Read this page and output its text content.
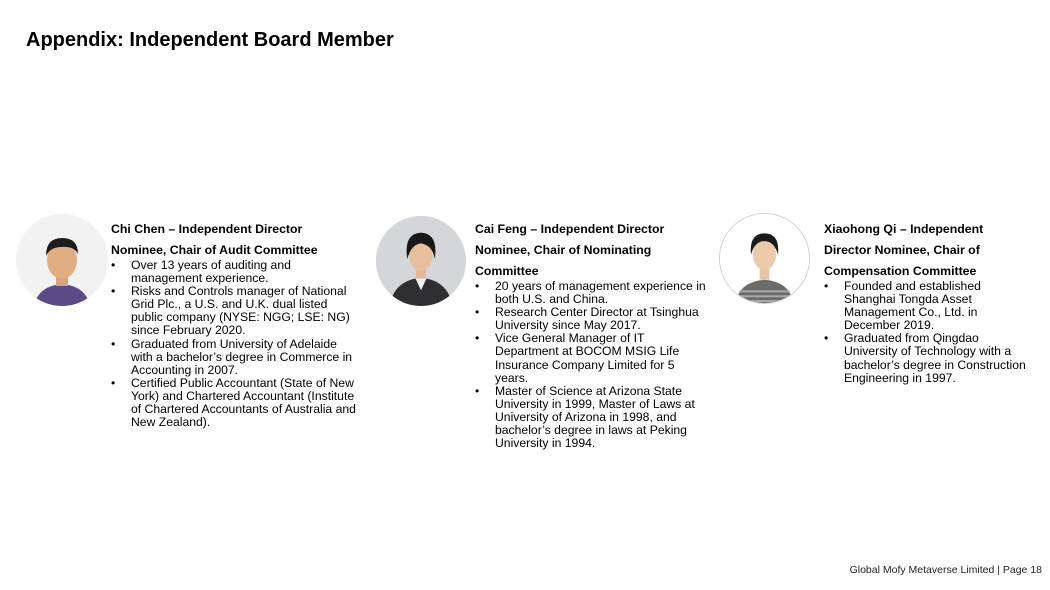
Appendix: Independent Board Member
Chi Chen – Independent Director Nominee, Chair of Audit Committee
• Over 13 years of auditing and management experience.
• Risks and Controls manager of National Grid Plc., a U.S. and U.K. dual listed public company (NYSE: NGG; LSE: NG) since February 2020.
• Graduated from University of Adelaide with a bachelor’s degree in Commerce in Accounting in 2007.
• Certified Public Accountant (State of New York) and Chartered Accountant (Institute of Chartered Accountants of Australia and New Zealand).
Cai Feng – Independent Director Nominee, Chair of Nominating Committee
• 20 years of management experience in both U.S. and China.
• Research Center Director at Tsinghua University since May 2017.
• Vice General Manager of IT Department at BOCOM MSIG Life Insurance Company Limited for 5 years.
• Master of Science at Arizona State University in 1999, Master of Laws at University of Arizona in 1998, and bachelor’s degree in laws at Peking University in 1994.
Xiaohong Qi – Independent Director Nominee, Chair of Compensation Committee
• Founded and established Shanghai Tongda Asset Management Co., Ltd. in December 2019.
• Graduated from Qingdao University of Technology with a bachelor’s degree in Construction Engineering in 1997.
Global Mofy Metaverse Limited | Page 18
